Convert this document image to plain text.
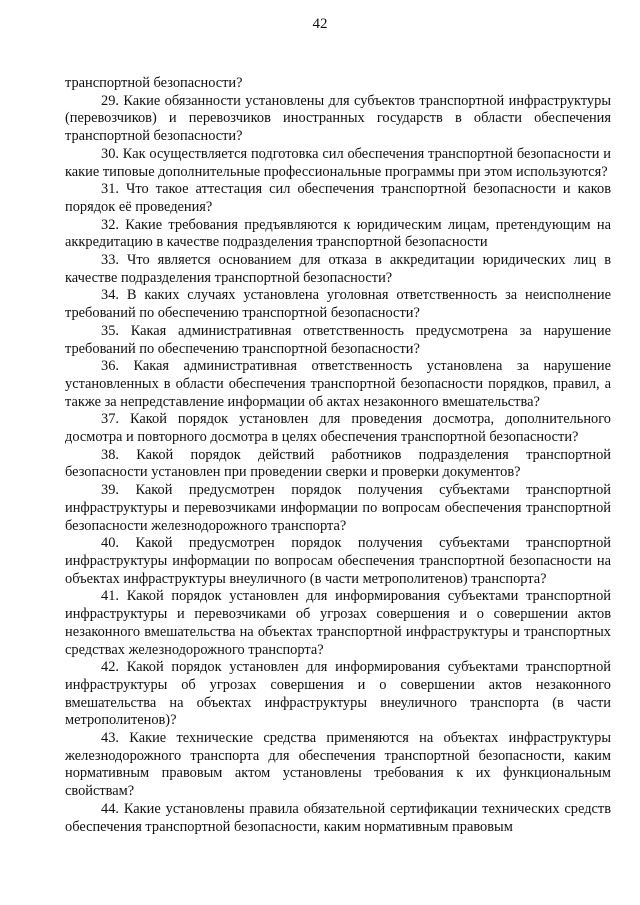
42

транспортной безопасности?

29. Какие обязанности установлены для субъектов транспортной инфраструктуры (перевозчиков) и перевозчиков иностранных государств в области обеспечения транспортной безопасности?

30. Как осуществляется подготовка сил обеспечения транспортной безопасности и какие типовые дополнительные профессиональные программы при этом используются?

31. Что такое аттестация сил обеспечения транспортной безопасности и каков порядок её проведения?

32. Какие требования предъявляются к юридическим лицам, претендующим на аккредитацию в качестве подразделения транспортной безопасности

33. Что является основанием для отказа в аккредитации юридических лиц в качестве подразделения транспортной безопасности?

34. В каких случаях установлена уголовная ответственность за неисполнение требований по обеспечению транспортной безопасности?

35. Какая административная ответственность предусмотрена за нарушение требований по обеспечению транспортной безопасности?

36. Какая административная ответственность установлена за нарушение установленных в области обеспечения транспортной безопасности порядков, правил, а также за непредставление информации об актах незаконного вмешательства?

37. Какой порядок установлен для проведения досмотра, дополнительного досмотра и повторного досмотра в целях обеспечения транспортной безопасности?

38. Какой порядок действий работников подразделения транспортной безопасности установлен при проведении сверки и проверки документов?

39. Какой предусмотрен порядок получения субъектами транспортной инфраструктуры и перевозчиками информации по вопросам обеспечения транспортной безопасности железнодорожного транспорта?

40. Какой предусмотрен порядок получения субъектами транспортной инфраструктуры информации по вопросам обеспечения транспортной безопасности на объектах инфраструктуры внеуличного (в части метрополитенов) транспорта?

41. Какой порядок установлен для информирования субъектами транспортной инфраструктуры и перевозчиками об угрозах совершения и о совершении актов незаконного вмешательства на объектах транспортной инфраструктуры и транспортных средствах железнодорожного транспорта?

42. Какой порядок установлен для информирования субъектами транспортной инфраструктуры об угрозах совершения и о совершении актов незаконного вмешательства на объектах инфраструктуры внеуличного транспорта (в части метрополитенов)?

43. Какие технические средства применяются на объектах инфраструктуры железнодорожного транспорта для обеспечения транспортной безопасности, каким нормативным правовым актом установлены требования к их функциональным свойствам?

44. Какие установлены правила обязательной сертификации технических средств обеспечения транспортной безопасности, каким нормативным правовым
